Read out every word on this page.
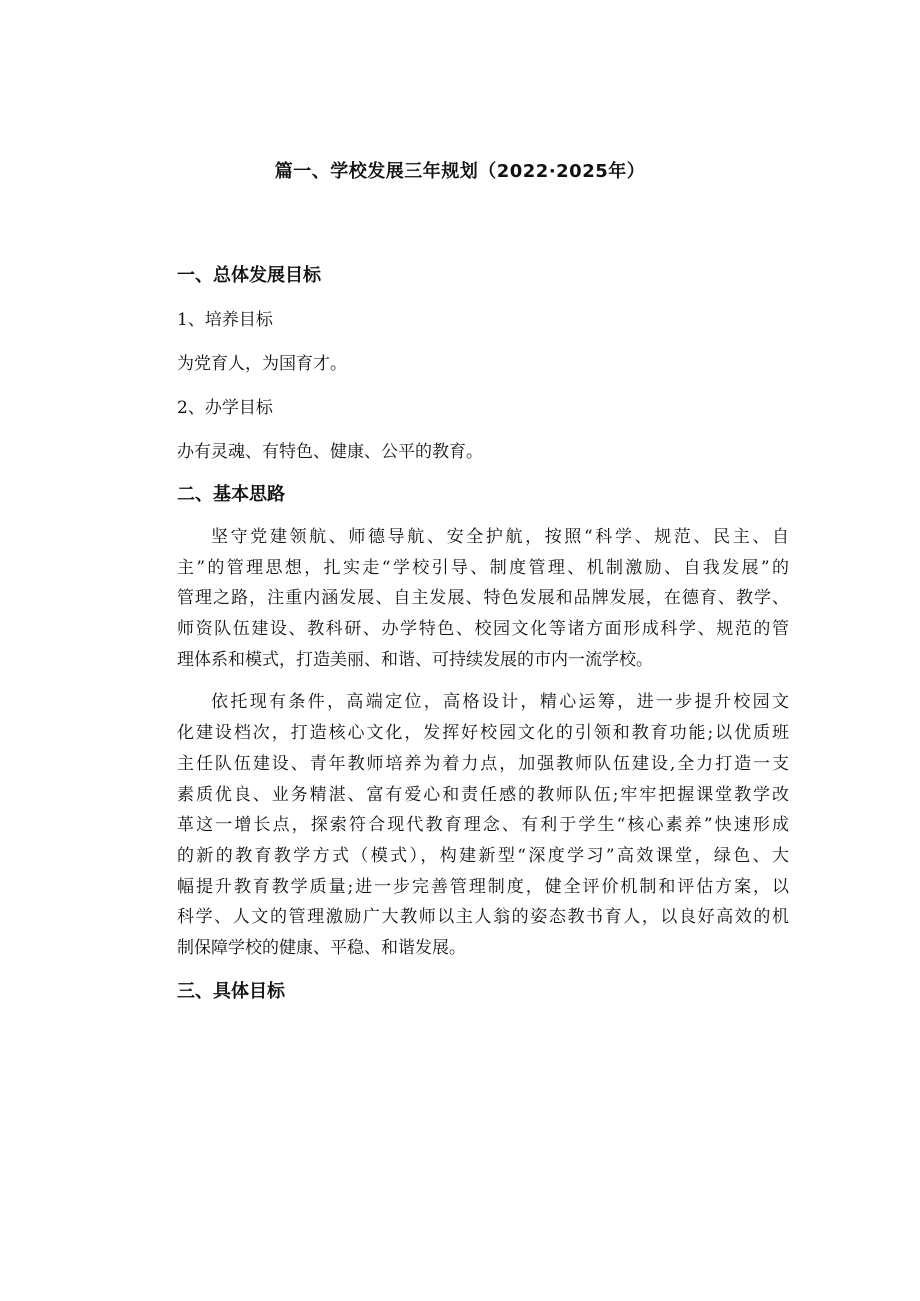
篇一、学校发展三年规划（2022·2025年）
一、总体发展目标
1、培养目标
为党育人，为国育才。
2、办学目标
办有灵魂、有特色、健康、公平的教育。
二、基本思路
坚守党建领航、师德导航、安全护航，按照“科学、规范、民主、自
主”的管理思想，扎实走“学校引导、制度管理、机制激励、自我发展”的
管理之路，注重内涵发展、自主发展、特色发展和品牌发展，在德育、教学、
师资队伍建设、教科研、办学特色、校园文化等诸方面形成科学、规范的管
理体系和模式，打造美丽、和谐、可持续发展的市内一流学校。
依托现有条件，高端定位，高格设计，精心运筹，进一步提升校园文
化建设档次，打造核心文化，发挥好校园文化的引领和教育功能;以优质班
主任队伍建设、青年教师培养为着力点，加强教师队伍建设,全力打造一支
素质优良、业务精湛、富有爱心和责任感的教师队伍;牢牢把握课堂教学改
革这一增长点，探索符合现代教育理念、有利于学生“核心素养”快速形成
的新的教育教学方式（模式），构建新型“深度学习”高效课堂，绿色、大
幅提升教育教学质量;进一步完善管理制度，健全评价机制和评估方案，以
科学、人文的管理激励广大教师以主人翁的姿态教书育人，以良好高效的机
制保障学校的健康、平稳、和谐发展。
三、具体目标
